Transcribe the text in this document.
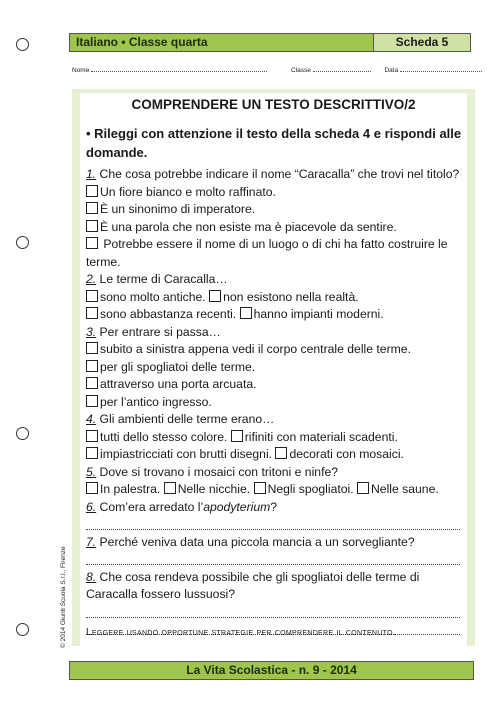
Italiano • Classe quarta	Scheda 5
Nome	Classe	Data
COMPRENDERE UN TESTO DESCRITTIVO/2
• Rileggi con attenzione il testo della scheda 4 e rispondi alle domande.

1. Che cosa potrebbe indicare il nome “Caracalla” che trovi nel titolo?

Un fiore bianco e molto raffinato.

È un sinonimo di imperatore.

È una parola che non esiste ma è piacevole da sentire.

Potrebbe essere il nome di un luogo o di chi ha fatto costruire le terme.

2. Le terme di Caracalla…

sono molto antiche. non esistono nella realtà.

sono abbastanza recenti. hanno impianti moderni.

3. Per entrare si passa…

subito a sinistra appena vedi il corpo centrale delle terme.

per gli spogliatoi delle terme.

attraverso una porta arcuata.

per l’antico ingresso.

4. Gli ambienti delle terme erano…

tutti dello stesso colore. rifiniti con materiali scadenti.

impiastricciati con brutti disegni. decorati con mosaici.

5. Dove si trovano i mosaici con tritoni e ninfe?

In palestra. Nelle nicchie. Negli spogliatoi. Nelle saune.

6. Com’era arredato l’apodyterium?

7. Perché veniva data una piccola mancia a un sorvegliante?

8. Che cosa rendeva possibile che gli spogliatoi delle terme di Caracalla fossero lussuosi?

Leggere usando opportune strategie per comprendere il contenuto.
© 2014 Giunti Scuola S.r.l., Firenze
La Vita Scolastica - n. 9 - 2014
